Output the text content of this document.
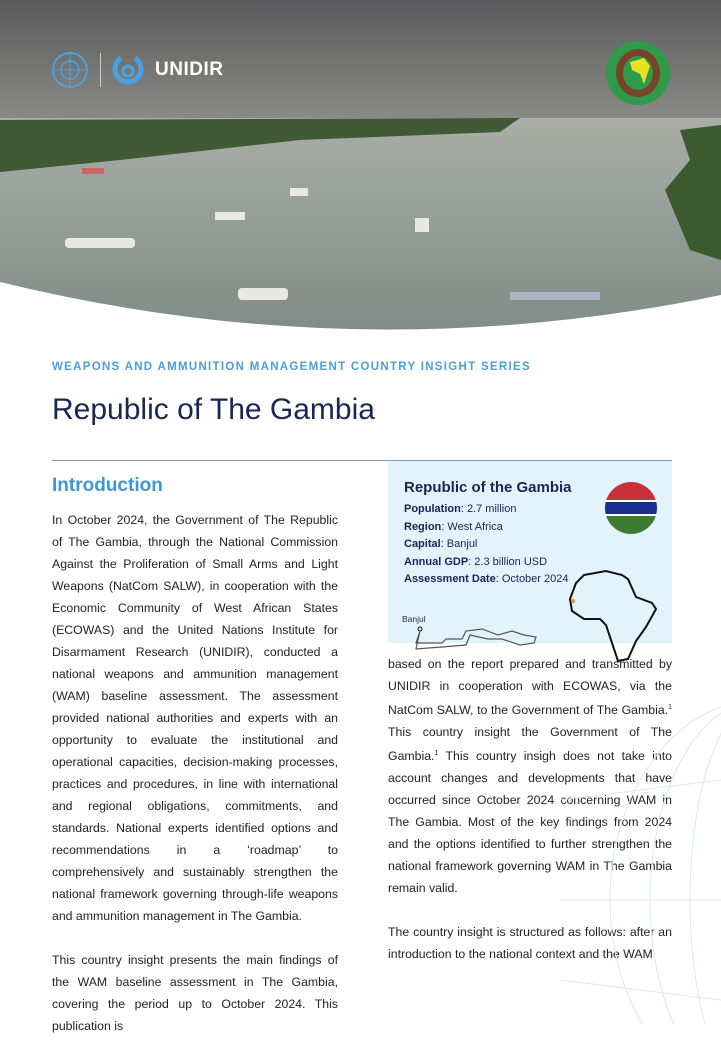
UNIDIR
WEAPONS AND AMMUNITION MANAGEMENT COUNTRY INSIGHT SERIES
Republic of The Gambia
Introduction

In October 2024, the Government of The Republic of The Gambia, through the National Commission Against the Proliferation of Small Arms and Light Weapons (NatCom SALW), in cooperation with the Economic Community of West African States (ECOWAS) and the United Nations Institute for Disarmament Research (UNIDIR), conducted a national weapons and ammunition management (WAM) baseline assessment. The assessment provided national authorities and experts with an opportunity to evaluate the institutional and operational capacities, decision-making processes, practices and procedures, in line with international and regional obligations, commitments, and standards. National experts identified options and recommendations in a ‘roadmap’ to comprehensively and sustainably strengthen the national framework governing through-life weapons and ammunition management in The Gambia.

This country insight presents the main findings of the WAM baseline assessment in The Gambia, covering the period up to October 2024. This publication is

Republic of the Gambia
Population: 2.7 million
Region: West Africa
Capital: Banjul
Annual GDP: 2.3 billion USD
Assessment Date: October 2024
Banjul

based on the report prepared and transmitted by UNIDIR in cooperation with ECOWAS, via the NatCom SALW, to the Government of The Gambia.$^1$ This country insight the Government of The Gambia.$^1$ This country insigh does not take into account changes and developments that have occurred since October 2024 concerning WAM in The Gambia. Most of the key findings from 2024 and the options identified to further strengthen the national framework governing WAM in The Gambia remain valid.

The country insight is structured as follows: after an introduction to the national context and the WAM
